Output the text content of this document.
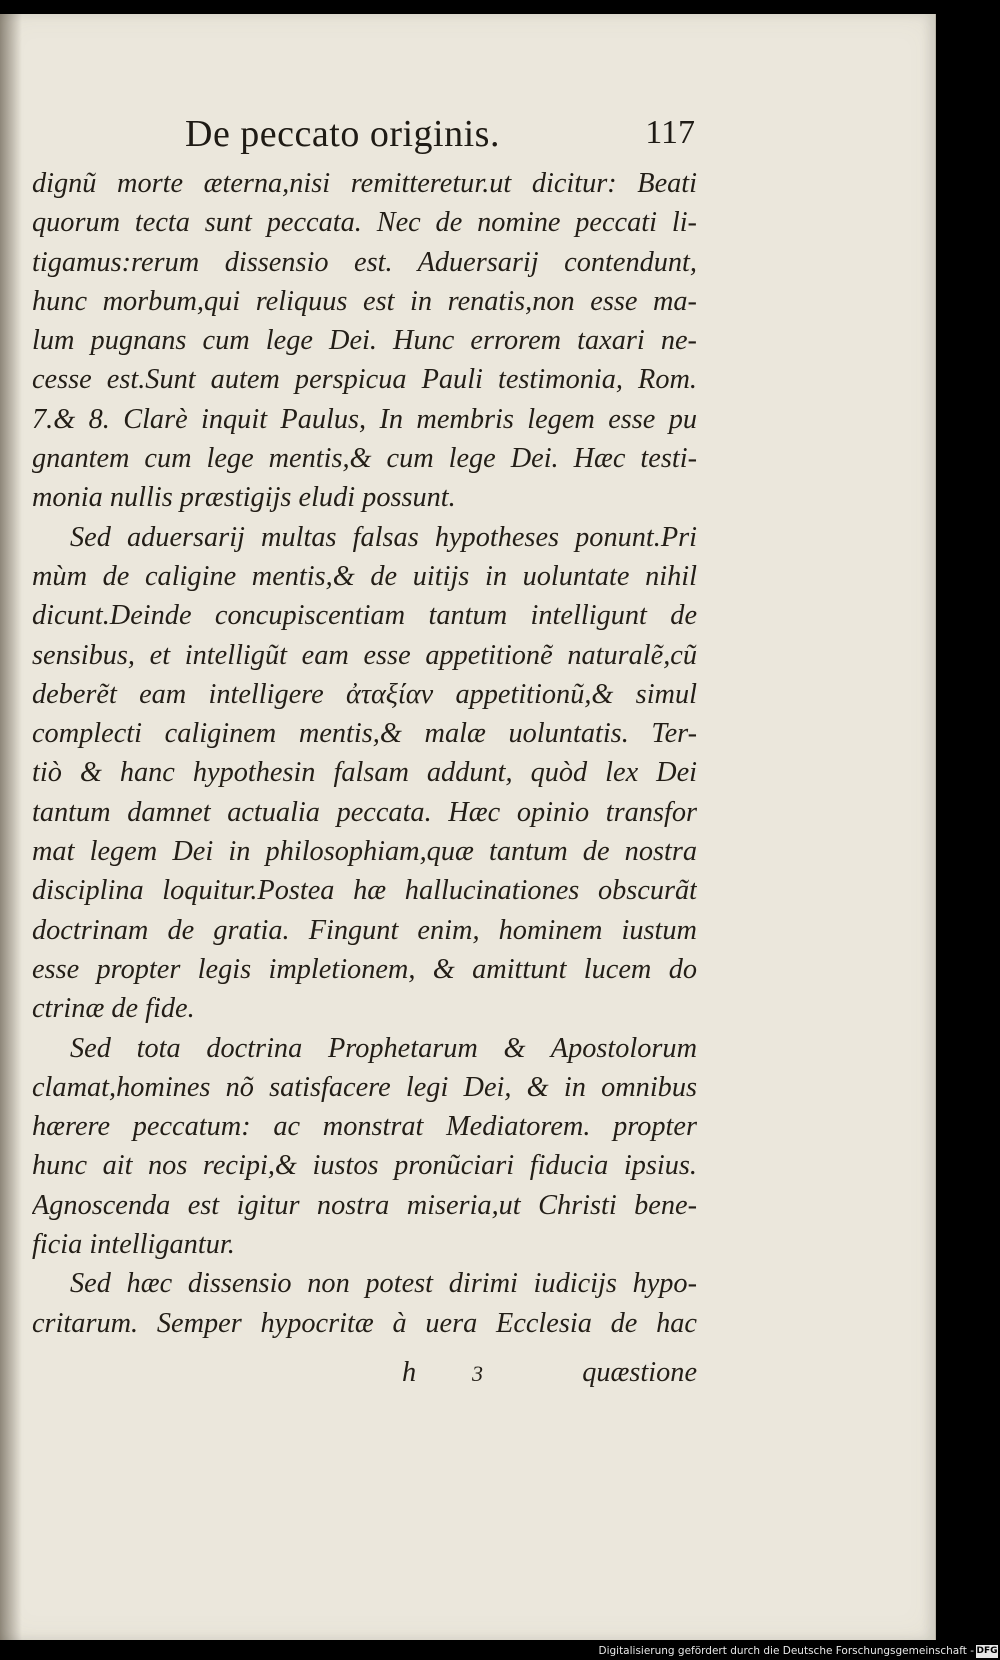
De peccato originis.	117
dignũ morte æterna,nisi remitteretur.ut dicitur: Beati
quorum tecta sunt peccata. Nec de nomine peccati li-
tigamus:rerum dissensio est. Aduersarij contendunt,
hunc morbum,qui reliquus est in renatis,non esse ma-
lum pugnans cum lege Dei. Hunc errorem taxari ne-
cesse est.Sunt autem perspicua Pauli testimonia, Rom.
7.& 8. Clarè inquit Paulus, In membris legem esse pu
gnantem cum lege mentis,& cum lege Dei. Hæc testi-
monia nullis præstigijs eludi possunt.
Sed aduersarij multas falsas hypotheses ponunt.Pri
mùm de caligine mentis,& de uitijs in uoluntate nihil
dicunt.Deinde concupiscentiam tantum intelligunt de
sensibus, et intelligũt eam esse appetitionẽ naturalẽ,cũ
deberẽt eam intelligere ἀταξίαν appetitionũ,& simul
complecti caliginem mentis,& malæ uoluntatis. Ter-
tiò & hanc hypothesin falsam addunt, quòd lex Dei
tantum damnet actualia peccata. Hæc opinio transfor
mat legem Dei in philosophiam,quæ tantum de nostra
disciplina loquitur.Postea hæ hallucinationes obscurãt
doctrinam de gratia. Fingunt enim, hominem iustum
esse propter legis impletionem, & amittunt lucem do
ctrinæ de fide.
Sed tota doctrina Prophetarum & Apostolorum
clamat,homines nõ satisfacere legi Dei, & in omnibus
hærere peccatum: ac monstrat Mediatorem. propter
hunc ait nos recipi,& iustos pronũciari fiducia ipsius.
Agnoscenda est igitur nostra miseria,ut Christi bene-
ficia intelligantur.
Sed hæc dissensio non potest dirimi iudicijs hypo-
critarum. Semper hypocritæ à uera Ecclesia de hac
h	3	quæstione
Digitalisierung gefördert durch die Deutsche Forschungsgemeinschaft - DFG
